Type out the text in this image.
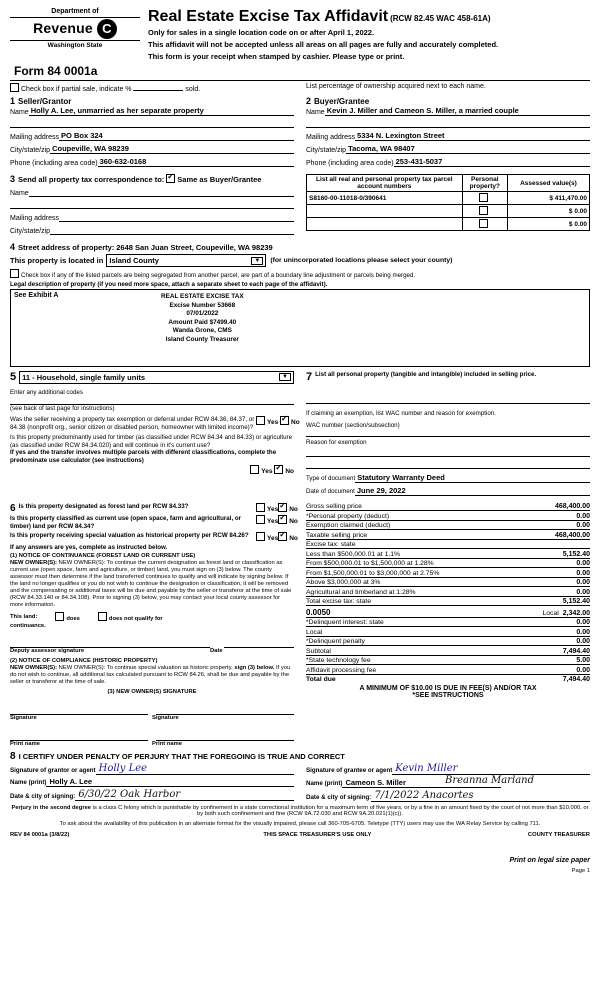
Department of
Revenue C
Washington State
Real Estate Excise Tax Affidavit (RCW 82.45 WAC 458-61A)
Only for sales in a single location code on or after April 1, 2022.
This affidavit will not be accepted unless all areas on all pages are fully and accurately completed.
This form is your receipt when stamped by cashier. Please type or print.
Form 84 0001a
Check box if partial sale, indicate %	sold.	List percentage of ownership acquired next to each name.
1 Seller/Grantor
Name Holly A. Lee, unmarried as her separate property
Mailing address PO Box 324
City/state/zip Coupeville, WA 98239
Phone (including area code) 360-632-0168
2 Buyer/Grantee
Name Kevin J. Miller and Cameon S. Miller, a married couple
Mailing address 5334 N. Lexington Street
City/state/zip Tacoma, WA 98407
Phone (including area code) 253-431-5037
3 Send all property tax correspondence to: ✓ Same as Buyer/Grantee
Name
Mailing address
City/state/zip
List all real and personal property tax parcel account numbers	Personal property?	Assessed value(s)
S8160-00-11018-0/390641		$ 411,470.00
		$ 0.00
		$ 0.00
4 Street address of property: 2648 San Juan Street, Coupeville, WA 98239
This property is located in Island County	▼	(for unincorporated locations please select your county)
Check box if any of the listed parcels are being segregated from another parcel, are part of a boundary line adjustment or parcels being merged.
Legal description of property (if you need more space, attach a separate sheet to each page of the affidavit).
See Exhibit A	REAL ESTATE EXCISE TAX
Excise Number 53668
07/01/2022
Amount Paid $7499.40
Wanda Grone, CMS
Island County Treasurer
5 11 - Household, single family units	▼
Enter any additional codes
(see back of last page for instructions)
Was the seller receiving a property tax exemption or deferral under RCW 84.36, 84.37, or 84.38 (nonprofit org., senior citizen or disabled person, homeowner with limited income)?
Yes ✓ No
Is this property predominantly used for timber (as classified under RCW 84.34 and 84.33) or agriculture (as classified under RCW 84.34.020) and will continue in it's current use?
If yes and the transfer involves multiple parcels with different classifications, complete the predominate use calculator (see instructions)
Yes ✓ No
7 List all personal property (tangible and intangible) included in selling price.
If claiming an exemption, list WAC number and reason for exemption.
WAC number (section/subsection)
Reason for exemption
Type of document Statutory Warranty Deed
Date of document June 29, 2022
6 Is this property designated as forest land per RCW 84.33?	Yes ✓ No
Is this property classified as current use (open space, farm and agricultural, or timber) land per RCW 84.34?
Yes ✓ No
Is this property receiving special valuation as historical property per RCW 84.26?	Yes ✓ No
If any answers are yes, complete as instructed below.
(1) NOTICE OF CONTINUANCE (FOREST LAND OR CURRENT USE)
NEW OWNER(S): NEW OWNER(S): To continue the current designation as forest land or classification as current use (open space, farm and agriculture, or timber) land, you must sign on (3) below. The county assessor must then determine if the land transferred continues to qualify and will indicate by signing below. If the land no longer qualifies or you do not wish to continue the designation or classification, it will be removed and the compensating or additional taxes will be due and payable by the seller or transferor at the time of sale (RCW 84.33.140 or 84.34.108). Prior to signing (3) below, you may contact your local county assessor for more information.
This land:	does	does not qualify for
continuance.
Deputy assessor signature	Date
(2) NOTICE OF COMPLIANCE (HISTORIC PROPERTY)
NEW OWNER(S): NEW OWNER(S): To continue special valuation as historic property, sign (3) below. If you do not wish to continue, all additional tax calculated pursuant to RCW 84.26, shall be due and payable by the seller or transferor at the time of sale.
(3) NEW OWNER(S) SIGNATURE
Signature	Signature
Print name	Print name
Gross selling price	468,400.00
*Personal property (deduct)	0.00
Exemption claimed (deduct)	0.00
Taxable selling price	468,400.00
Excise tax: state
Less than $500,000.01 at 1.1%	5,152.40
From $500,000.01 to $1,500,000 at 1.28%	0.00
From $1,500,000.01 to $3,000,000 at 2.75%	0.00
Above $3,000,000 at 3%	0.00
Agricultural and timberland at 1.28%	0.00
Total excise tax: state	5,152.40
0.0050	Local 2,342.00
*Delinquent interest: state	0.00
Local	0.00
*Delinquent penalty	0.00
Subtotal	7,494.40
*State technology fee	5.00
Affidavit processing fee	0.00
Total due	7,494.40
A MINIMUM OF $10.00 IS DUE IN FEE(S) AND/OR TAX
*SEE INSTRUCTIONS
8 I CERTIFY UNDER PENALTY OF PERJURY THAT THE FOREGOING IS TRUE AND CORRECT
Signature of grantor or agent Holly Lee
Name (print) Holly A. Lee
Date & city of signing: 6/30/22 Oak Harbor
Signature of grantee or agent Kevin Miller
Name (print) Cameon S. Miller	Breanna Marland
Date & city of signing: 7/1/2022 Anacortes
Perjury in the second degree is a class C felony which is punishable by confinement in a state correctional institution for a maximum term of five years, or by a fine in an amount fixed by the court of not more than $10,000, or by both such confinement and fine (RCW 9A.72.030 and RCW 9A.20.021(1)(c)).
To ask about the availability of this publication in an alternate format for the visually impaired, please call 360-705-6705. Teletype (TTY) users may use the WA Relay Service by calling 711.
REV 84 0001a (3/8/22)	THIS SPACE TREASURER'S USE ONLY	COUNTY TREASURER
Print on legal size paper
Page 1
